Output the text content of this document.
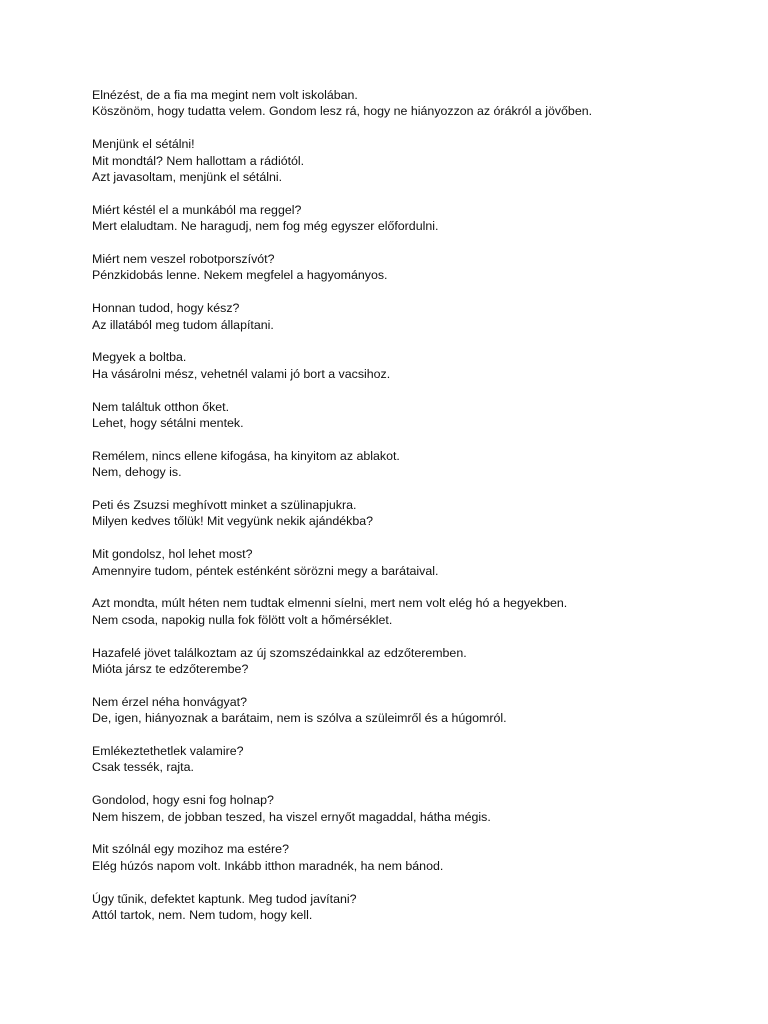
Elnézést, de a fia ma megint nem volt iskolában.
Köszönöm, hogy tudatta velem. Gondom lesz rá, hogy ne hiányozzon az órákról a jövőben.
Menjünk el sétálni!
Mit mondtál? Nem hallottam a rádiótól.
Azt javasoltam, menjünk el sétálni.
Miért késtél el a munkából ma reggel?
Mert elaludtam. Ne haragudj, nem fog még egyszer előfordulni.
Miért nem veszel robotporszívót?
Pénzkidobás lenne. Nekem megfelel a hagyományos.
Honnan tudod, hogy kész?
Az illatából meg tudom állapítani.
Megyek a boltba.
Ha vásárolni mész, vehetnél valami jó bort a vacsihoz.
Nem találtuk otthon őket.
Lehet, hogy sétálni mentek.
Remélem, nincs ellene kifogása, ha kinyitom az ablakot.
Nem, dehogy is.
Peti és Zsuzsi meghívott minket a szülinapjukra.
Milyen kedves tőlük! Mit vegyünk nekik ajándékba?
Mit gondolsz, hol lehet most?
Amennyire tudom, péntek esténként sörözni megy a barátaival.
Azt mondta, múlt héten nem tudtak elmenni síelni, mert nem volt elég hó a hegyekben.
Nem csoda, napokig nulla fok fölött volt a hőmérséklet.
Hazafelé jövet találkoztam az új szomszédainkkal az edzőteremben.
Mióta jársz te edzőterembe?
Nem érzel néha honvágyat?
De, igen, hiányoznak a barátaim, nem is szólva a szüleimről és a húgomról.
Emlékeztethetlek valamire?
Csak tessék, rajta.
Gondolod, hogy esni fog holnap?
Nem hiszem, de jobban teszed, ha viszel ernyőt magaddal, hátha mégis.
Mit szólnál egy mozihoz ma estére?
Elég húzós napom volt. Inkább itthon maradnék, ha nem bánod.
Úgy tűnik, defektet kaptunk. Meg tudod javítani?
Attól tartok, nem. Nem tudom, hogy kell.
